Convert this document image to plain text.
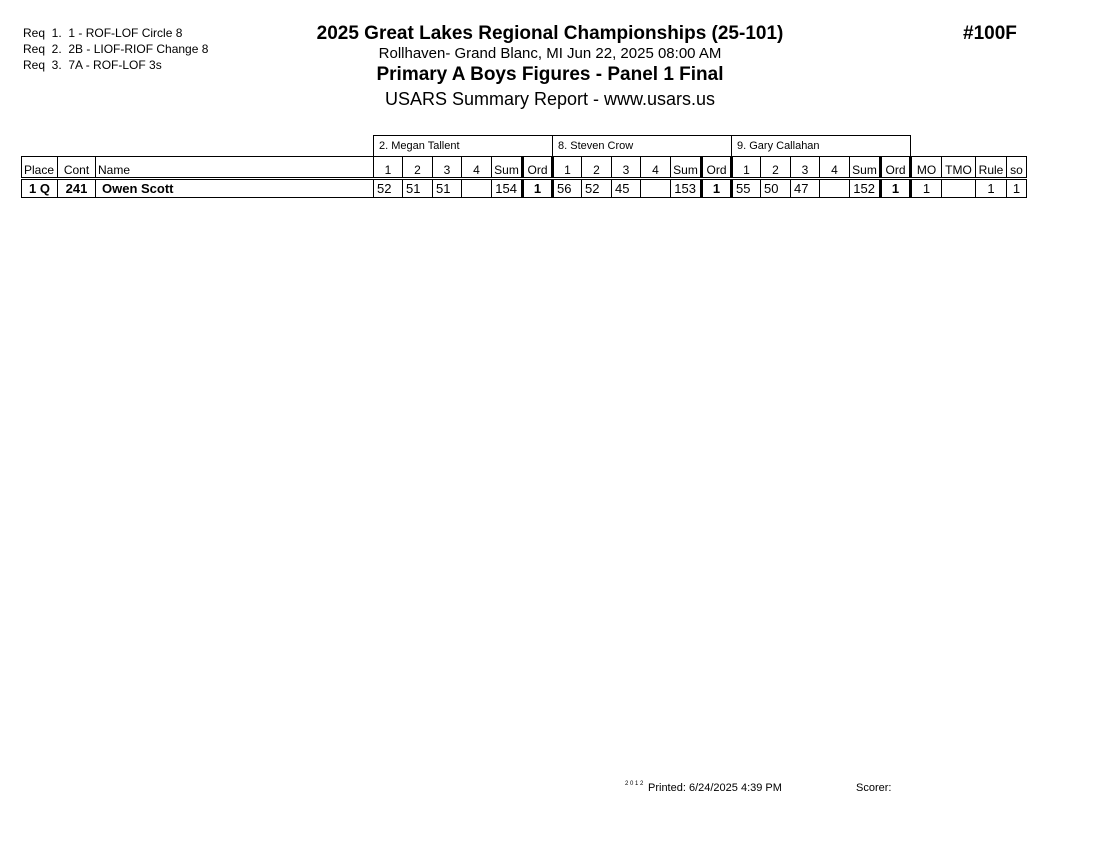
Req  1.  1 - ROF-LOF Circle 8
Req  2.  2B - LIOF-RIOF Change 8
Req  3.  7A - ROF-LOF 3s
2025 Great Lakes Regional Championships (25-101)
Rollhaven- Grand Blanc, MI Jun 22, 2025 08:00 AM
Primary A Boys Figures - Panel 1 Final
USARS Summary Report - www.usars.us
#100F
			2. Megan Tallent						8. Steven Crow						9. Gary Callahan									
Place	Cont	Name	1	2	3	4	Sum	Ord	1	2	3	4	Sum	Ord	1	2	3	4	Sum	Ord	MO	TMO	Rule	so
1 Q	241	Owen Scott	52	51	51		154	1	56	52	45		153	1	55	50	47		152	1	1		1	1
2 0 1 2 Printed: 6/24/2025 4:39 PM	Scorer:
